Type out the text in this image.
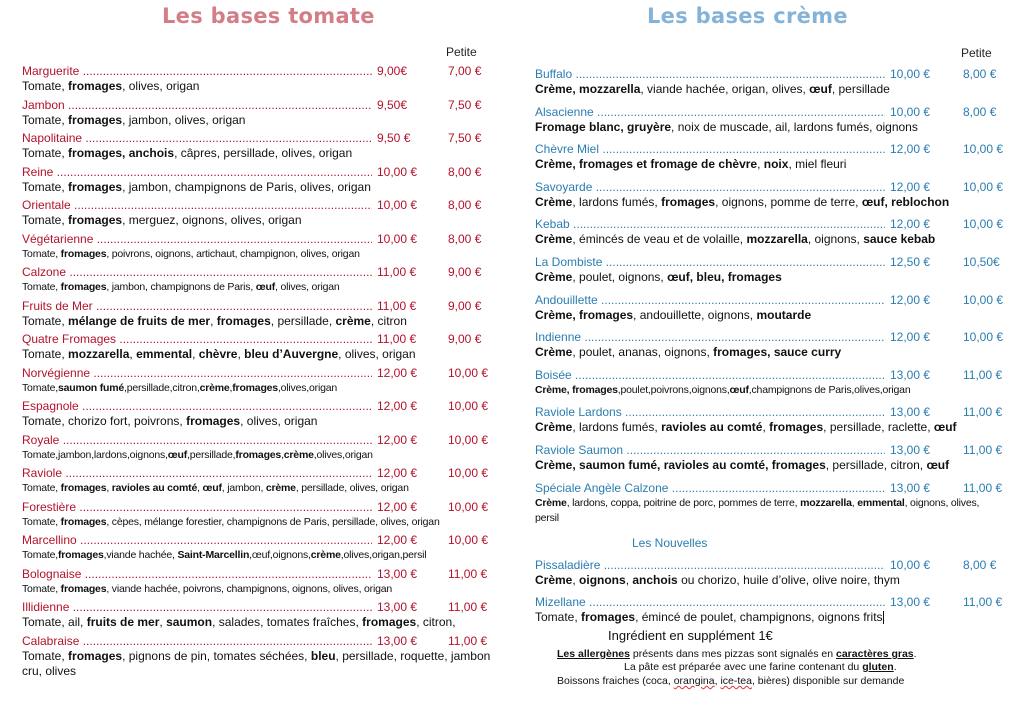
Les bases tomate
Petite
Marguerite .....	9,00€	7,00 €
Tomate, fromages, olives, origan
Jambon .....	9,50€	7,50 €
Tomate, fromages, jambon, olives, origan
Napolitaine .....	9,50 €	7,50 €
Tomate, fromages, anchois, câpres, persillade, olives, origan
Reine .....	10,00 €	8,00 €
Tomate, fromages, jambon, champignons de Paris, olives, origan
Orientale .....	10,00 €	8,00 €
Tomate, fromages, merguez, oignons, olives, origan
Végétarienne .....	10,00 €	8,00 €
Tomate, fromages, poivrons, oignons, artichaut, champignon, olives, origan
Calzone .....	11,00 €	9,00 €
Tomate, fromages, jambon, champignons de Paris, œuf, olives, origan
Fruits de Mer .....	11,00 €	9,00 €
Tomate, mélange de fruits de mer, fromages, persillade, crème, citron
Quatre Fromages .....	11,00 €	9,00 €
Tomate, mozzarella, emmental, chèvre, bleu d’Auvergne, olives, origan
Norvégienne .....	12,00 €	10,00 €
Tomate,saumon fumé,persillade,citron,crème,fromages,olives,origan
Espagnole .....	12,00 €	10,00 €
Tomate, chorizo fort, poivrons, fromages, olives, origan
Royale .....	12,00 €	10,00 €
Tomate,jambon,lardons,oignons,œuf,persillade,fromages,crème,olives,origan
Raviole .....	12,00 €	10,00 €
Tomate, fromages, ravioles au comté, œuf, jambon, crème, persillade, olives, origan
Forestière .....	12,00 €	10,00 €
Tomate, fromages, cèpes, mélange forestier, champignons de Paris, persillade, olives, origan
Marcellino .....	12,00 €	10,00 €
Tomate,fromages,viande hachée, Saint-Marcellin,œuf,oignons,crème,olives,origan,persil
Bolognaise .....	13,00 €	11,00 €
Tomate, fromages, viande hachée, poivrons, champignons, oignons, olives, origan
Illidienne .....	13,00 €	11,00 €
Tomate, ail, fruits de mer, saumon, salades, tomates fraîches, fromages, citron,
Calabraise .....	13,00 €	11,00 €
Tomate, fromages, pignons de pin, tomates séchées, bleu, persillade, roquette, jambon cru, olives
Les bases crème
Petite
Buffalo .....	10,00 €	8,00 €
Crème, mozzarella, viande hachée, origan, olives, œuf, persillade
Alsacienne .....	10,00 €	8,00 €
Fromage blanc, gruyère, noix de muscade, ail, lardons fumés, oignons
Chèvre Miel .....	12,00 €	10,00 €
Crème, fromages et fromage de chèvre, noix, miel fleuri
Savoyarde .....	12,00 €	10,00 €
Crème, lardons fumés, fromages, oignons, pomme de terre, œuf, reblochon
Kebab .....	12,00 €	10,00 €
Crème, émincés de veau et de volaille, mozzarella, oignons, sauce kebab
La Dombiste .....	12,50 €	10,50€
Crème, poulet, oignons, œuf, bleu, fromages
Andouillette .....	12,00 €	10,00 €
Crème, fromages, andouillette, oignons, moutarde
Indienne .....	12,00 €	10,00 €
Crème, poulet, ananas, oignons, fromages, sauce curry
Boisée .....	13,00 €	11,00 €
Crème, fromages,poulet,poivrons,oignons,œuf,champignons de Paris,olives,origan
Raviole Lardons .....	13,00 €	11,00 €
Crème, lardons fumés, ravioles au comté, fromages, persillade, raclette, œuf
Raviole Saumon .....	13,00 €	11,00 €
Crème, saumon fumé, ravioles au comté, fromages, persillade, citron, œuf
Spéciale Angèle Calzone .....	13,00 €	11,00 €
Crème, lardons, coppa, poitrine de porc, pommes de terre, mozzarella, emmental, oignons, olives, persil
Les Nouvelles
Pissaladière .....	10,00 €	8,00 €
Crème, oignons, anchois ou chorizo, huile d’olive, olive noire, thym
Mizellane .....	13,00 €	11,00 €
Tomate, fromages, émincé de poulet, champignons, oignons frits
Ingrédient en supplément 1€
Les allergènes présents dans mes pizzas sont signalés en caractères gras.
La pâte est préparée avec une farine contenant du gluten.
Boissons fraiches (coca, orangina, ice-tea, bières) disponible sur demande
